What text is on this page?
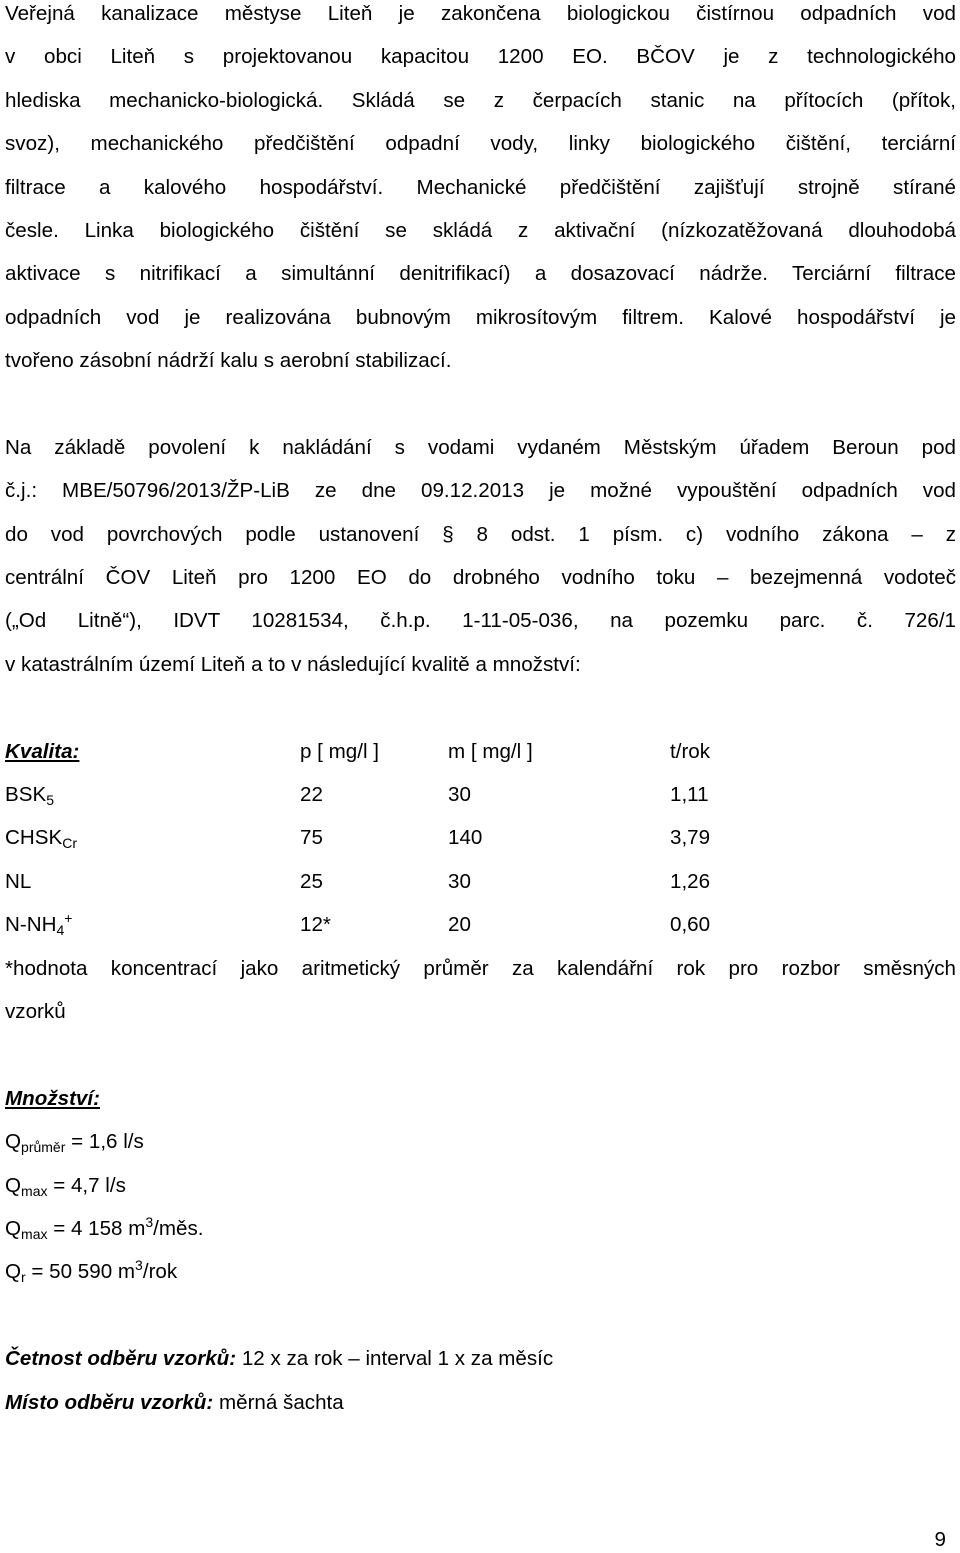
Veřejná kanalizace městyse Liteň je zakončena biologickou čistírnou odpadních vod
v obci Liteň s projektovanou kapacitou 1200 EO. BČOV je z technologického
hlediska mechanicko-biologická. Skládá se z čerpacích stanic na přítocích (přítok,
svoz), mechanického předčištění odpadní vody, linky biologického čištění, terciární
filtrace a kalového hospodářství. Mechanické předčištění zajišťují strojně stírané
česle. Linka biologického čištění se skládá z aktivační (nízkozatěžovaná dlouhodobá
aktivace s nitrifikací a simultánní denitrifikací) a dosazovací nádrže. Terciární filtrace
odpadních vod je realizována bubnovým mikrosítovým filtrem. Kalové hospodářství je
tvořeno zásobní nádrží kalu s aerobní stabilizací.
Na základě povolení k nakládání s vodami vydaném Městským úřadem Beroun pod
č.j.: MBE/50796/2013/ŽP-LiB ze dne 09.12.2013 je možné vypouštění odpadních vod
do vod povrchových podle ustanovení § 8 odst. 1 písm. c) vodního zákona – z
centrální ČOV Liteň pro 1200 EO do drobného vodního toku – bezejmenná vodoteč
(„Od Litně“), IDVT 10281534, č.h.p. 1-11-05-036, na pozemku parc. č. 726/1
v katastrálním území Liteň a to v následující kvalitě a množství:
Kvalita:	p [ mg/l ]	m [ mg/l ]	t/rok
$BSK_5$	22	30	1,11
$CHSK_{Cr}$	75	140	3,79
NL	25	30	1,26
$N-NH_4^+$	12*	20	0,60
*hodnota koncentrací jako aritmetický průměr za kalendářní rok pro rozbor směsných
vzorků
Množství:
$Q_{průměr} = 1,6$ l/s
$Q_{max} = 4,7$ l/s
$Q_{max} = 4$ 158 $m^3$/měs.
$Q_r = 50$ 590 $m^3$/rok
Četnost odběru vzorků: 12 x za rok – interval 1 x za měsíc
Místo odběru vzorků: měrná šachta
9
